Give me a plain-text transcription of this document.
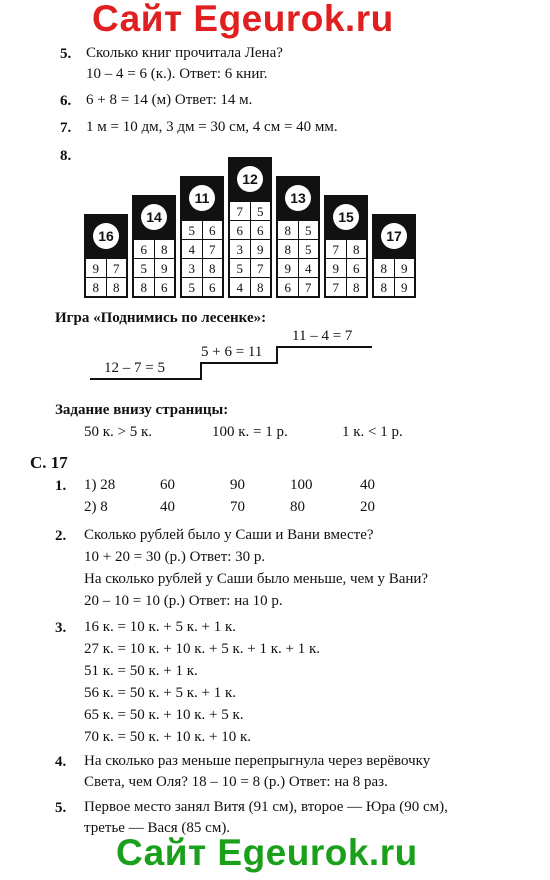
Сайт Egeurok.ru
5. Сколько книг прочитала Лена?
10 – 4 = 6 (к.). Ответ: 6 книг.
6. 6 + 8 = 14 (м) Ответ: 14 м.
7. 1 м = 10 дм, 3 дм = 30 см, 4 см = 40 мм.
8.
16
9	7
8	8
14
6	8
5	9
8	6
11
5	6
4	7
3	8
5	6
12
7	5
6	6
3	9
5	7
4	8
13
8	5
8	5
9	4
6	7
15
7	8
9	6
7	8
17
8	9
8	9
Игра «Поднимись по лесенке»:
12 – 7 = 5
5 + 6 = 11
11 – 4 = 7
Задание внизу страницы:
50 к. > 5 к.	100 к. = 1 р.	1 к. < 1 р.
С. 17
1. 1) 28	60	90	100	40
2) 8	40	70	80	20
2. Сколько рублей было у Саши и Вани вместе?
10 + 20 = 30 (р.) Ответ: 30 р.
На сколько рублей у Саши было меньше, чем у Вани?
20 – 10 = 10 (р.) Ответ: на 10 р.
3. 16 к. = 10 к. + 5 к. + 1 к.
27 к. = 10 к. + 10 к. + 5 к. + 1 к. + 1 к.
51 к. = 50 к. + 1 к.
56 к. = 50 к. + 5 к. + 1 к.
65 к. = 50 к. + 10 к. + 5 к.
70 к. = 50 к. + 10 к. + 10 к.
4. На сколько раз меньше перепрыгнула через верёвочку
Света, чем Оля? 18 – 10 = 8 (р.) Ответ: на 8 раз.
5. Первое место занял Витя (91 см), второе — Юра (90 см),
третье — Вася (85 см).
Сайт Egeurok.ru
